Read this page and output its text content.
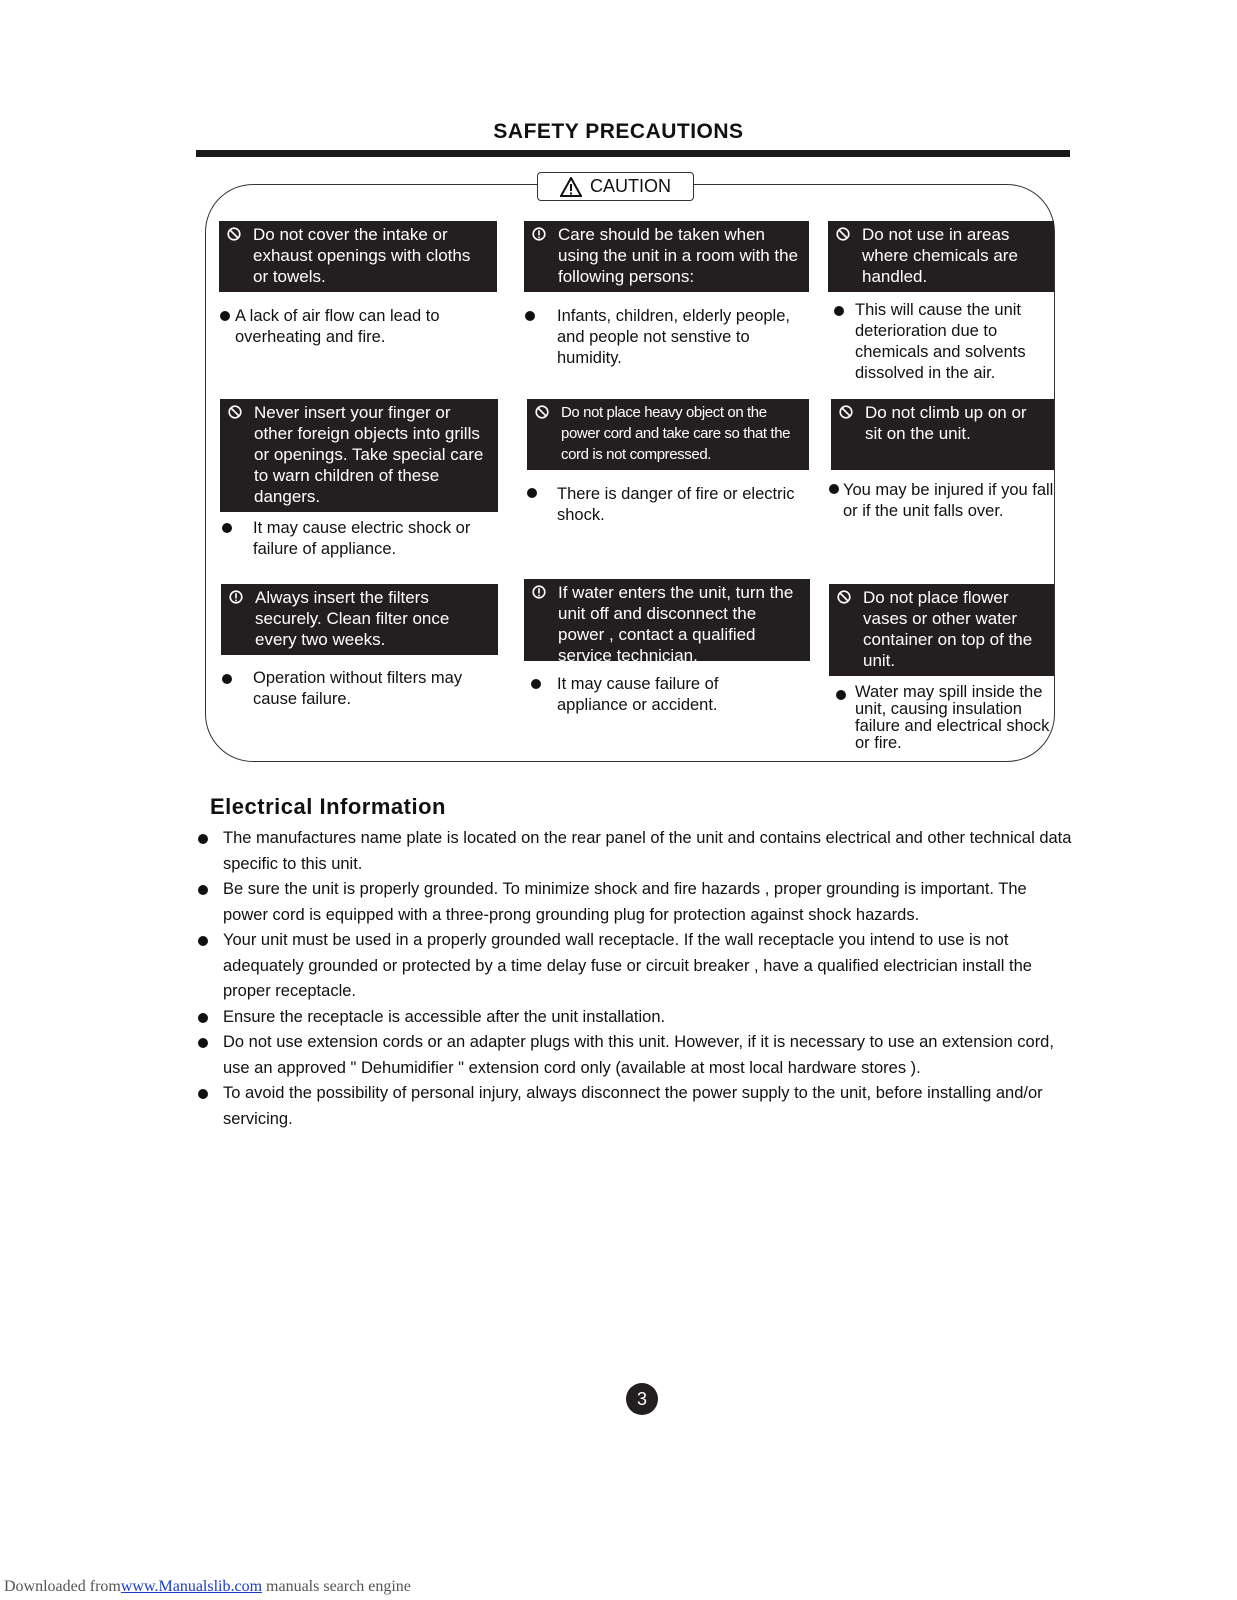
SAFETY PRECAUTIONS
CAUTION
Do not cover the intake or exhaust openings with cloths or towels.
A lack of air flow can lead to overheating and fire.
Care should be taken when using the unit in a room with the following persons:
Infants, children, elderly people, and people not senstive to humidity.
Do not use in areas where chemicals are handled.
This will cause the unit deterioration due to chemicals and solvents dissolved in the air.
Never insert your finger or other foreign objects into grills or openings. Take special care to warn children of these dangers.
It may cause electric shock or failure of appliance.
Do not place heavy object on the power cord and take care so that the cord is not compressed.
There is danger of fire or electric shock.
Do not climb up on or sit on the unit.
You may be injured if you fall or if the unit falls over.
Always insert the filters securely. Clean filter once every two weeks.
Operation without filters may cause failure.
If water enters the unit, turn the unit off and disconnect the power , contact a qualified service technician.
It may cause failure of appliance or accident.
Do not place flower vases or other water container on top of the unit.
Water may spill inside the unit, causing insulation failure and electrical shock or fire.
Electrical Information
The manufactures name plate is located on the rear panel of the unit and contains electrical and other technical data specific to this unit.
Be sure the unit is properly grounded. To minimize shock and fire hazards , proper grounding is important. The power cord is equipped with a three-prong grounding plug for protection against shock hazards.
Your unit must be used in a properly grounded wall receptacle. If the wall receptacle you intend to use is not adequately grounded or protected by a time delay fuse or circuit breaker , have a qualified electrician install the proper receptacle.
Ensure the receptacle is accessible after the unit installation.
Do not use extension cords or an adapter plugs with this unit. However, if it is necessary to use an extension cord, use an approved " Dehumidifier " extension cord only (available at most local hardware stores ).
To avoid the possibility of personal injury, always disconnect the power supply to the unit, before installing and/or servicing.
3
Downloaded fromwww.Manualslib.com manuals search engine
